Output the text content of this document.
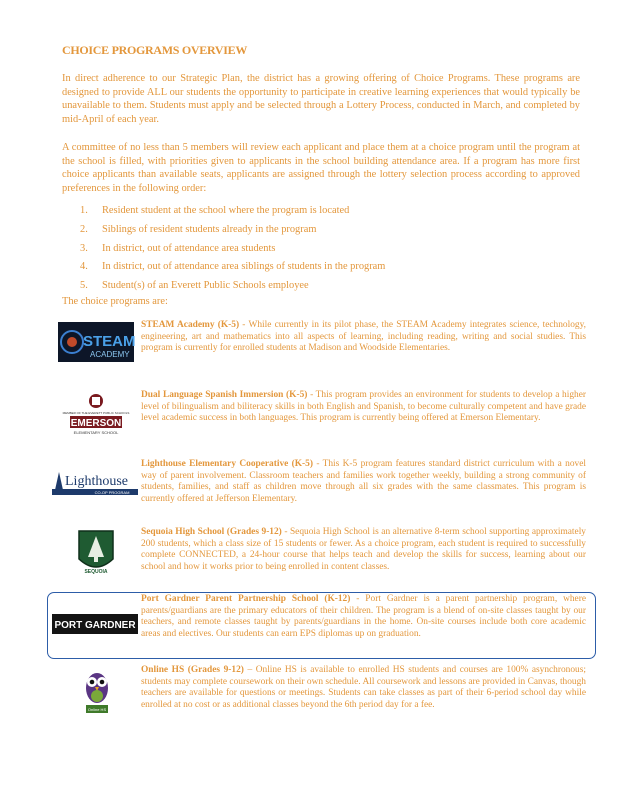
CHOICE PROGRAMS OVERVIEW
In direct adherence to our Strategic Plan, the district has a growing offering of Choice Programs. These programs are designed to provide ALL our students the opportunity to participate in creative learning experiences that would typically be unavailable to them. Students must apply and be selected through a Lottery Process, conducted in March, and completed by mid-April of each year.
A committee of no less than 5 members will review each applicant and place them at a choice program until the program at the school is filled, with priorities given to applicants in the school building attendance area. If a program has more first choice applicants than available seats, applicants are assigned through the lottery selection process according to approved preferences in the following order:
1.	Resident student at the school where the program is located
2.	Siblings of resident students already in the program
3.	In district, out of attendance area students
4.	In district, out of attendance area siblings of students in the program
5.	Student(s) of an Everett Public Schools employee
The choice programs are:
STEAM
ACADEMY

STEAM Academy (K-5) - While currently in its pilot phase, the STEAM Academy integrates science, technology, engineering, art and mathematics into all aspects of learning, including reading, writing and social studies. This program is currently for enrolled students at Madison and Woodside Elementaries.

MEMBER OF THE EVERETT PUBLIC SCHOOLS
EMERSON
ELEMENTARY SCHOOL

Dual Language Spanish Immersion (K-5) - This program provides an environment for students to develop a higher level of bilingualism and biliteracy skills in both English and Spanish, to become culturally competent and have grade level academic success in both languages. This program is currently being offered at Emerson Elementary.

Lighthouse
CO-OP PROGRAM

Lighthouse Elementary Cooperative (K-5) - This K-5 program features standard district curriculum with a novel way of parent involvement. Classroom teachers and families work together weekly, building a strong community of students, families, and staff as children move through all six grades with the same classmates. This program is currently offered at Jefferson Elementary.

SEQUOIA

Sequoia High School (Grades 9-12) - Sequoia High School is an alternative 8-term school supporting approximately 200 students, which a class size of 15 students or fewer. As a choice program, each student is required to successfully complete CONNECTED, a 24-hour course that helps teach and develop the skills for success, learning about our school and how it works prior to being enrolled in content classes.

PORT GARDNER

Port Gardner Parent Partnership School (K-12) - Port Gardner is a parent partnership program, where parents/guardians are the primary educators of their children. The program is a blend of on-site classes taught by our teachers, and remote classes taught by parents/guardians in the home. On-site courses include both core academic areas and electives. Our students can earn EPS diplomas up on graduation.

Online HS

Online HS (Grades 9-12) – Online HS is available to enrolled HS students and courses are 100% asynchronous; students may complete coursework on their own schedule. All coursework and lessons are provided in Canvas, though teachers are available for questions or meetings. Students can take classes as part of their 6-period school day while enrolled at no cost or as additional classes beyond the 6th period day for a fee.
